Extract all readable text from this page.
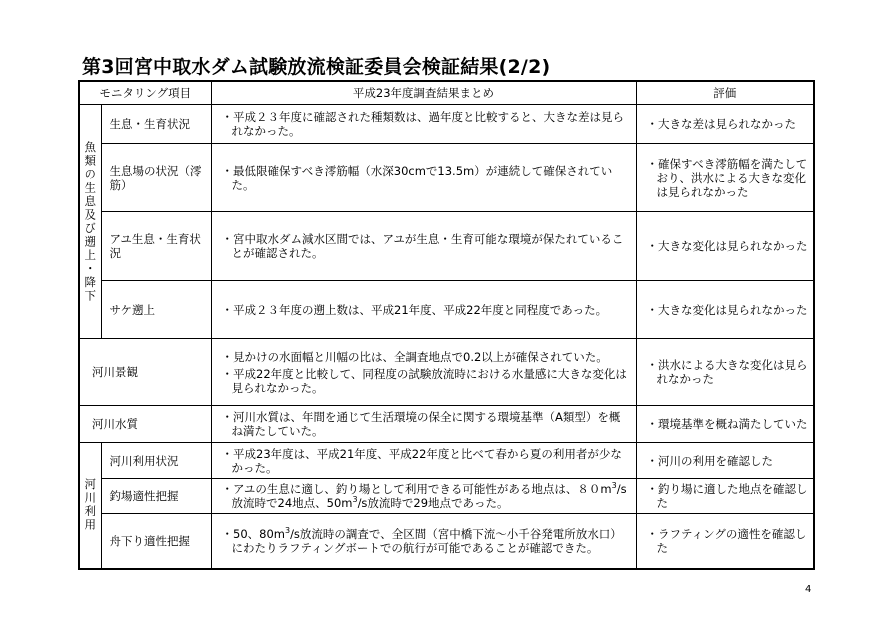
第3回宮中取水ダム試験放流検証委員会検証結果(2/2)
モニタリング項目		平成23年度調査結果まとめ	評価

魚類の生息及び遡上・降下	生息・生育状況	・平成２３年度に確認された種類数は、過年度と比較すると、大きな差は見られなかった。	・大きな差は見られなかった

	生息場の状況（澪筋）	・最低限確保すべき澪筋幅（水深30cmで13.5m）が連続して確保されていた。	・確保すべき澪筋幅を満たしており、洪水による大きな変化は見られなかった

	アユ生息・生育状況	・宮中取水ダム減水区間では、アユが生息・生育可能な環境が保たれていることが確認された。	・大きな変化は見られなかった

	サケ遡上	・平成２３年度の遡上数は、平成21年度、平成22年度と同程度であった。	・大きな変化は見られなかった

河川景観		・見かけの水面幅と川幅の比は、全調査地点で0.2以上が確保されていた。
・平成22年度と比較して、同程度の試験放流時における水量感に大きな変化は見られなかった。	・洪水による大きな変化は見られなかった

河川水質		・河川水質は、年間を通じて生活環境の保全に関する環境基準（A類型）を概ね満たしていた。	・環境基準を概ね満たしていた

河川利用	河川利用状況	・平成23年度は、平成21年度、平成22年度と比べて春から夏の利用者が少なかった。	・河川の利用を確認した

	釣場適性把握	・アユの生息に適し、釣り場として利用できる可能性がある地点は、$80m^3/s$放流時で24地点、$50m^3/s$放流時で29地点であった。	・釣り場に適した地点を確認した

	舟下り適性把握	・50、$80m^3/s$放流時の調査で、全区間（宮中橋下流～小千谷発電所放水口）にわたりラフティングボートでの航行が可能であることが確認できた。	・ラフティングの適性を確認した
4
